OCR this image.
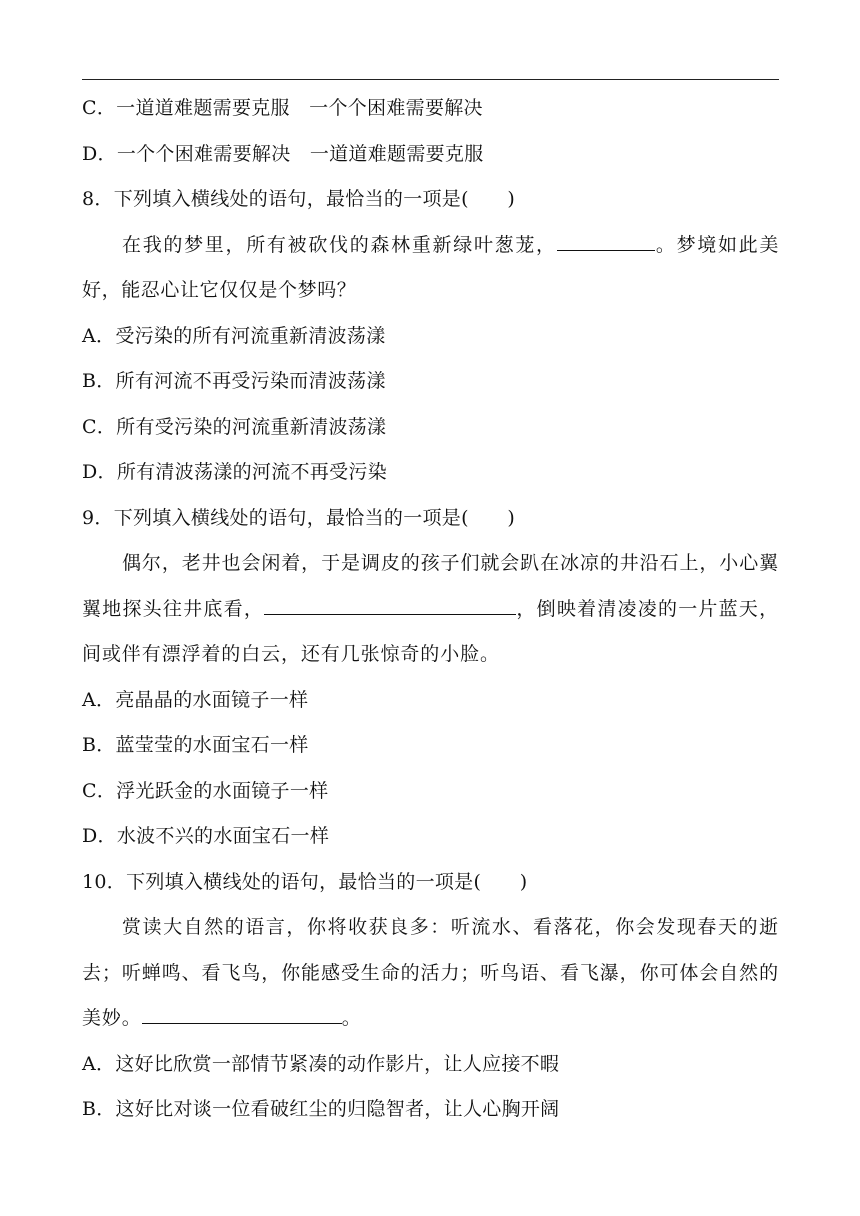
C．一道道难题需要克服　一个个困难需要解决
D．一个个困难需要解决　一道道难题需要克服
8．下列填入横线处的语句，最恰当的一项是(　　)

在我的梦里，所有被砍伐的森林重新绿叶葱茏，	。梦境如此美好，能忍心让它仅仅是个梦吗？

A．受污染的所有河流重新清波荡漾
B．所有河流不再受污染而清波荡漾
C．所有受污染的河流重新清波荡漾
D．所有清波荡漾的河流不再受污染
9．下列填入横线处的语句，最恰当的一项是(　　)

偶尔，老井也会闲着，于是调皮的孩子们就会趴在冰凉的井沿石上，小心翼翼地探头往井底看，	，倒映着清凌凌的一片蓝天，间或伴有漂浮着的白云，还有几张惊奇的小脸。

A．亮晶晶的水面镜子一样
B．蓝莹莹的水面宝石一样
C．浮光跃金的水面镜子一样
D．水波不兴的水面宝石一样
10．下列填入横线处的语句，最恰当的一项是(　　)

赏读大自然的语言，你将收获良多：听流水、看落花，你会发现春天的逝去；听蝉鸣、看飞鸟，你能感受生命的活力；听鸟语、看飞瀑，你可体会自然的美妙。	。

A．这好比欣赏一部情节紧凑的动作影片，让人应接不暇
B．这好比对谈一位看破红尘的归隐智者，让人心胸开阔
